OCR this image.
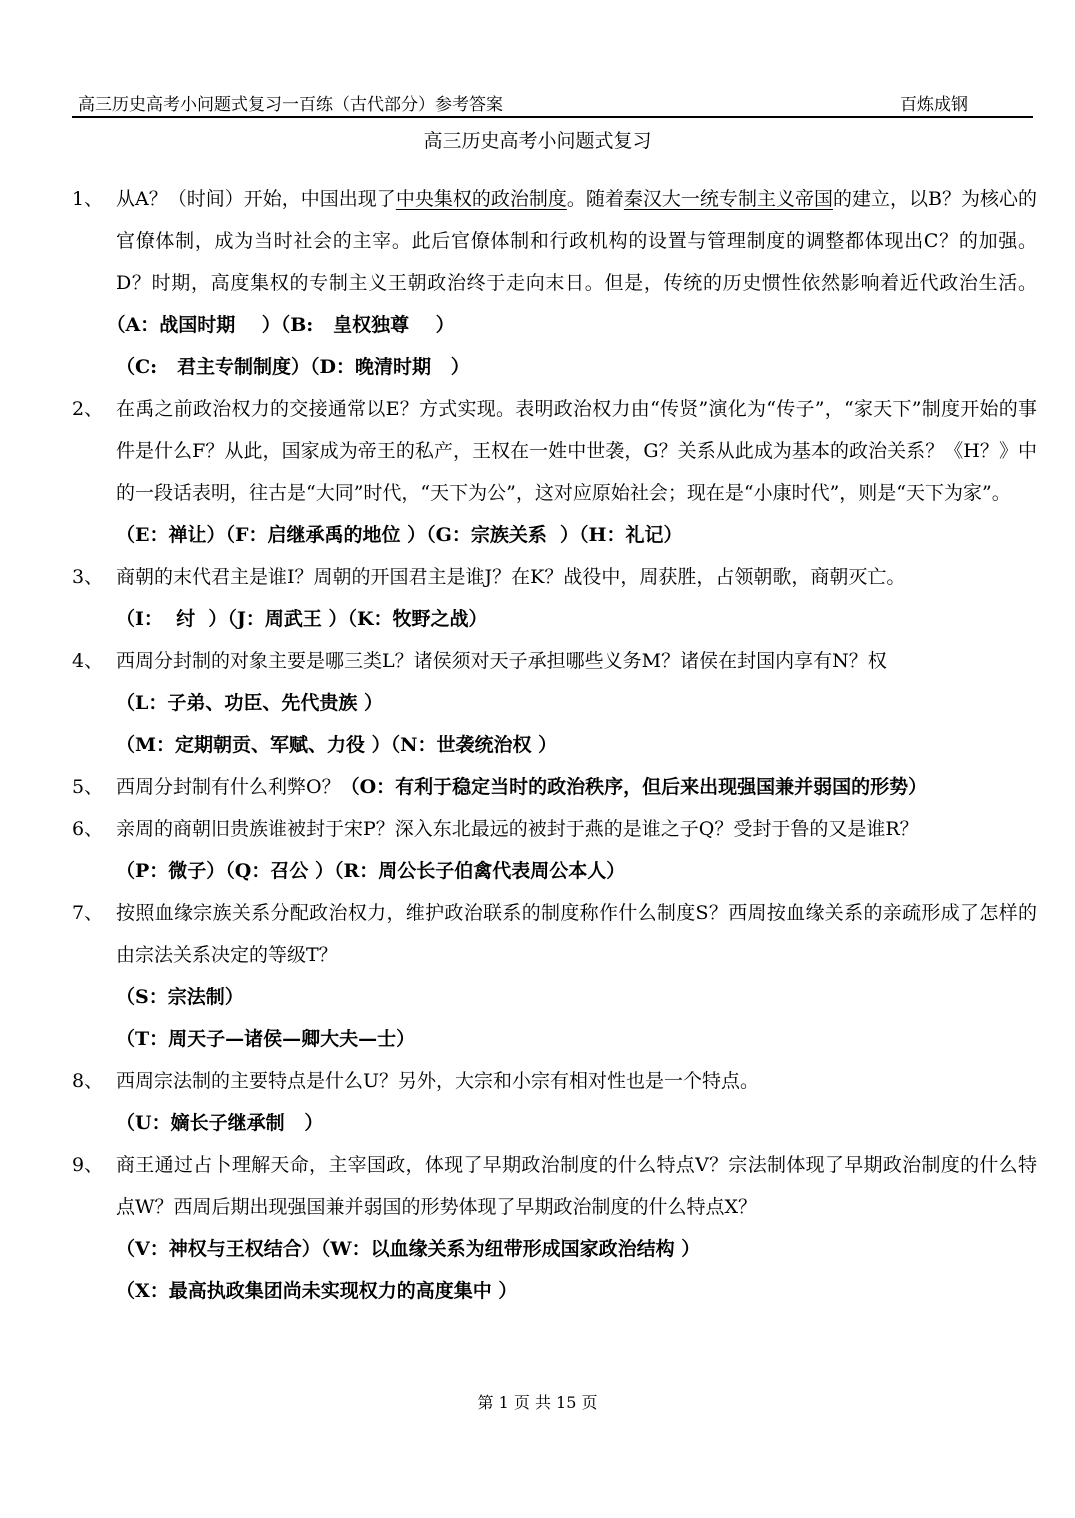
高三历史高考小问题式复习一百练（古代部分）参考答案	百炼成钢
高三历史高考小问题式复习
1、 从A？（时间）开始，中国出现了中央集权的政治制度。随着秦汉大一统专制主义帝国的建立，以B？为核心的官僚体制，成为当时社会的主宰。此后官僚体制和行政机构的设置与管理制度的调整都体现出C？的加强。D？时期，高度集权的专制主义王朝政治终于走向末日。但是，传统的历史惯性依然影响着近代政治生活。（A：战国时期    ）（B:   皇权独尊    ）
（C:   君主专制制度）（D：晚清时期   ）
2、 在禹之前政治权力的交接通常以E？方式实现。表明政治权力由“传贤”演化为“传子”，“家天下”制度开始的事件是什么F？从此，国家成为帝王的私产，王权在一姓中世袭，G？关系从此成为基本的政治关系？《H？》中的一段话表明，往古是“大同”时代，“天下为公”，这对应原始社会；现在是“小康时代”，则是“天下为家”。
（E：禅让）（F：启继承禹的地位 ）（G：宗族关系  ）（H：礼记）
3、 商朝的末代君主是谁I？周朝的开国君主是谁J？在K？战役中，周获胜，占领朝歌，商朝灭亡。
（I：  纣  ）（J：周武王 ）（K：牧野之战）
4、 西周分封制的对象主要是哪三类L？诸侯须对天子承担哪些义务M？诸侯在封国内享有N？权
（L：子弟、功臣、先代贵族 ）
（M：定期朝贡、军赋、力役 ）（N：世袭统治权 ）
5、 西周分封制有什么利弊O？（O：有利于稳定当时的政治秩序，但后来出现强国兼并弱国的形势）
6、 亲周的商朝旧贵族谁被封于宋P？深入东北最远的被封于燕的是谁之子Q？受封于鲁的又是谁R？
（P：微子）（Q：召公 ）（R：周公长子伯禽代表周公本人）
7、 按照血缘宗族关系分配政治权力，维护政治联系的制度称作什么制度S？西周按血缘关系的亲疏形成了怎样的由宗法关系决定的等级T？
（S：宗法制）
（T：周天子—诸侯—卿大夫—士）
8、 西周宗法制的主要特点是什么U？另外，大宗和小宗有相对性也是一个特点。
（U：嫡长子继承制   ）
9、 商王通过占卜理解天命，主宰国政，体现了早期政治制度的什么特点V？宗法制体现了早期政治制度的什么特点W？西周后期出现强国兼并弱国的形势体现了早期政治制度的什么特点X？
（V：神权与王权结合）（W：以血缘关系为纽带形成国家政治结构 ）
（X：最高执政集团尚未实现权力的高度集中 ）
第 1 页 共 15 页
